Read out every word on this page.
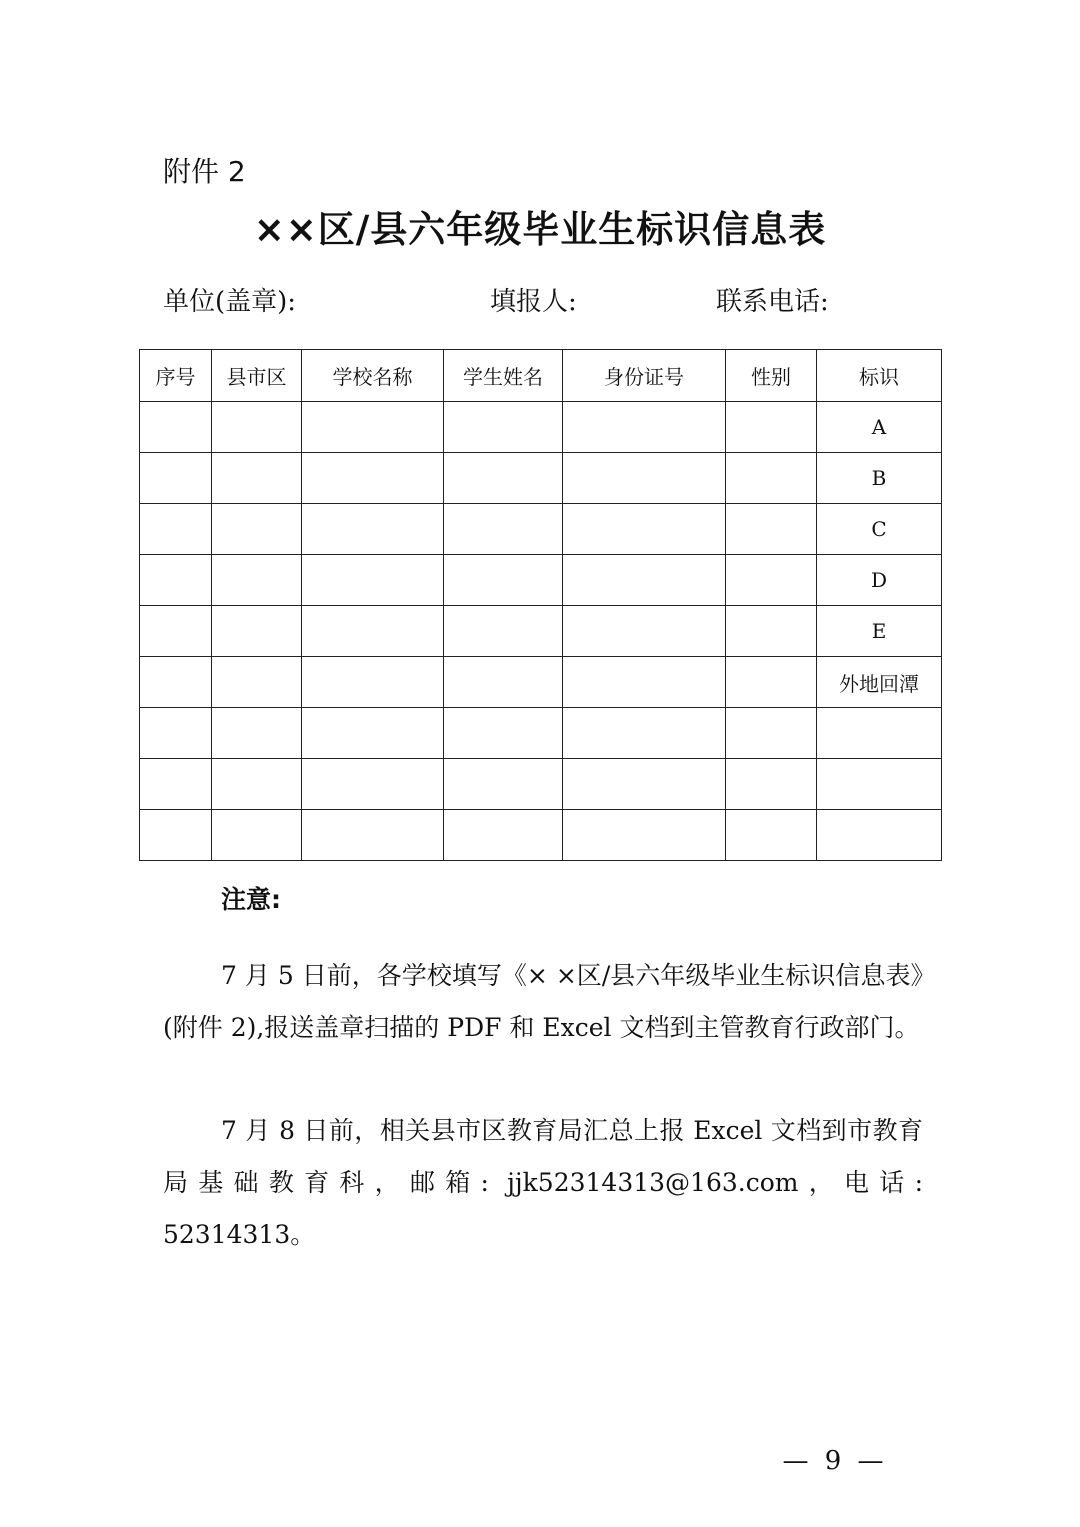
附件 2
××区/县六年级毕业生标识信息表
单位(盖章):	填报人:	联系电话:
序号	县市区	学校名称	学生姓名	身份证号	性别	标识
						A
						B
						C
						D
						E
						外地回潭

注意:

7 月 5 日前，各学校填写《× ×区/县六年级毕业生标识信息表》(附件 2),报送盖章扫描的 PDF 和 Excel 文档到主管教育行政部门。

7 月 8 日前，相关县市区教育局汇总上报 Excel 文档到市教育局基础教育科，邮箱: jjk52314313@163.com，电话: 52314313。

— 9 —
